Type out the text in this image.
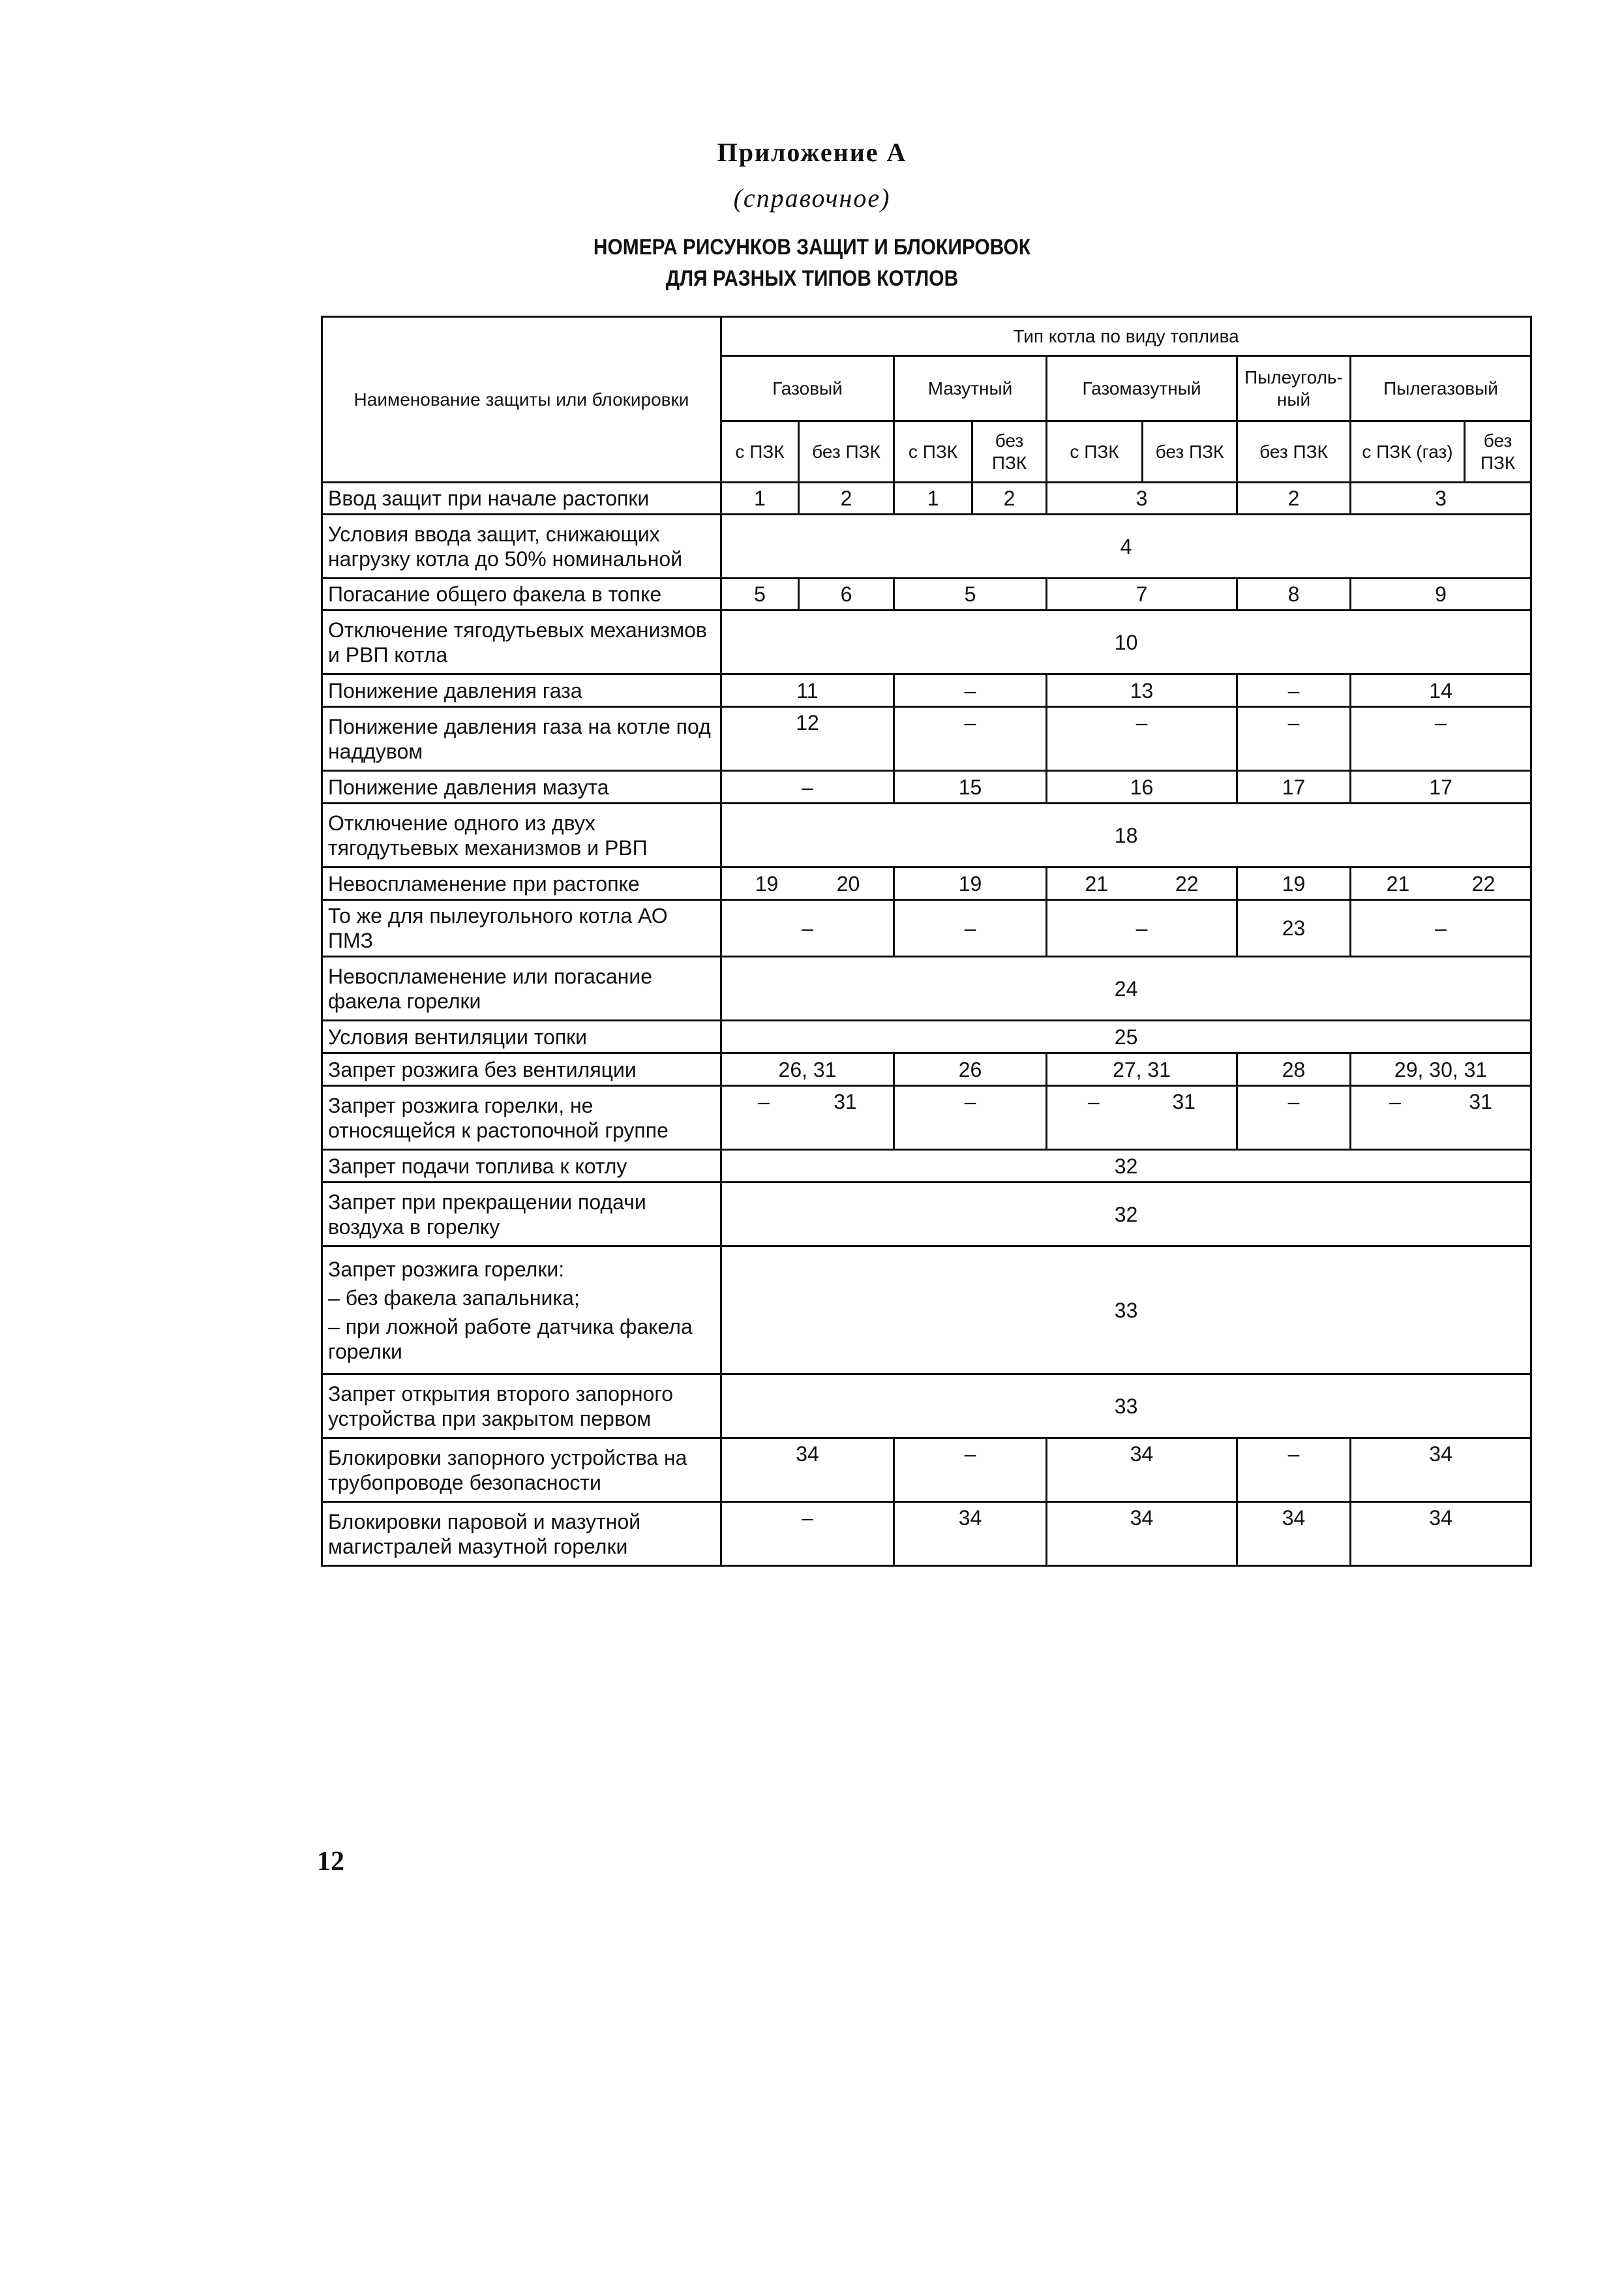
Приложение А
(справочное)
НОМЕРА РИСУНКОВ ЗАЩИТ И БЛОКИРОВОК
ДЛЯ РАЗНЫХ ТИПОВ КОТЛОВ
Наименование защиты или блокировки	Тип котла по виду топлива								
	Газовый		Мазутный		Газомазутный		Пылеуголь-ный	Пылегазовый	
	с ПЗК	без ПЗК	с ПЗК	без ПЗК	с ПЗК	без ПЗК	без ПЗК	с ПЗК (газ)	без ПЗК
Ввод защит при начале растопки	1	2	1	2	3		2	3	
Условия ввода защит, снижающих нагрузку котла до 50% номинальной	4								
Погасание общего факела в топке	5	6	5		7		8	9	
Отключение тягодутьевых механизмов и РВП котла	10								
Понижение давления газа	11		–		13		–	14	
Понижение давления газа на котле под наддувом	12		–		–		–	–	
Понижение давления мазута	–		15		16		17	17	
Отключение одного из двух тягодутьевых механизмов и РВП	18								
Невоспламенение при растопке	19 20		19		21 22		19	21 22	

То же для пылеугольного котла АО ПМЗ	–		–		–		23	–	
Невоспламенение или погасание факела горелки	24								
Условия вентиляции топки	25								
Запрет розжига без вентиляции	26, 31		26		27, 31		28	29, 30, 31	
Запрет розжига горелки, не относящейся к растопочной группе	– 31		–		– 31		–	– 31	

Запрет подачи топлива к котлу	32								
Запрет при прекращении подачи воздуха в горелку	32								

Запрет розжига горелки:
– без факела запальника;
– при ложной работе датчика факела горелки	33								
Запрет открытия второго запорного устройства при закрытом первом	33								
Блокировки запорного устройства на трубопроводе безопасности	34		–		34		–	34	
Блокировки паровой и мазутной магистралей мазутной горелки	–		34		34		34	34	
12
